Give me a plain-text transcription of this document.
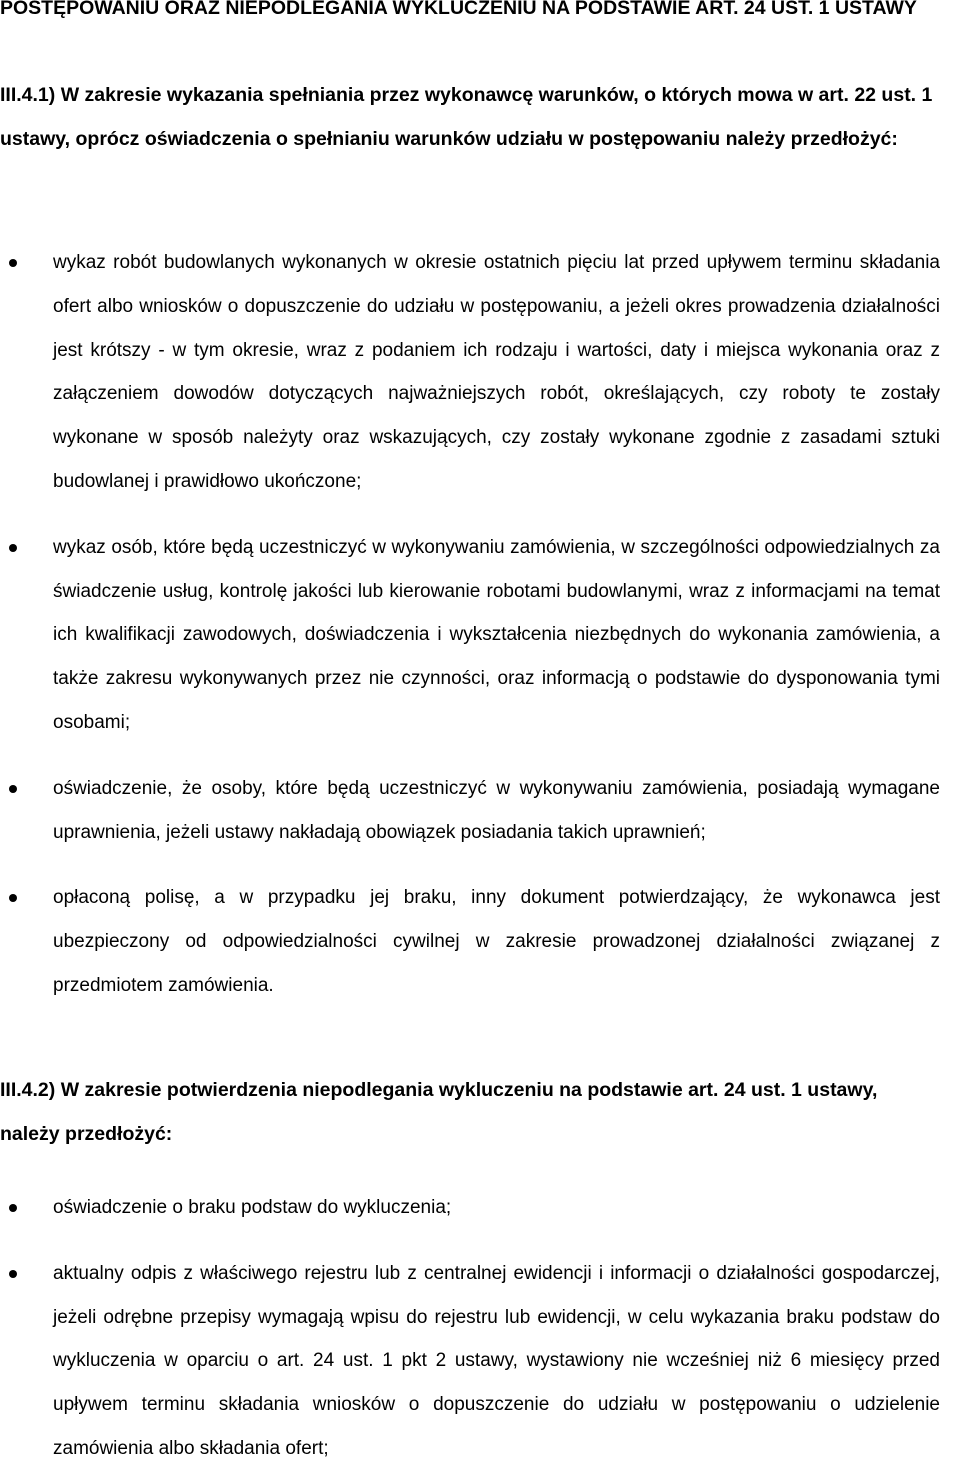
POSTĘPOWANIU ORAZ NIEPODLEGANIA WYKLUCZENIU NA PODSTAWIE ART. 24 UST. 1 USTAWY

III.4.1) W zakresie wykazania spełniania przez wykonawcę warunków, o których mowa w art. 22 ust. 1 ustawy, oprócz oświadczenia o spełnianiu warunków udziału w postępowaniu należy przedłożyć:

wykaz robót budowlanych wykonanych w okresie ostatnich pięciu lat przed upływem terminu składania ofert albo wniosków o dopuszczenie do udziału w postępowaniu, a jeżeli okres prowadzenia działalności jest krótszy - w tym okresie, wraz z podaniem ich rodzaju i wartości, daty i miejsca wykonania oraz z załączeniem dowodów dotyczących najważniejszych robót, określających, czy roboty te zostały wykonane w sposób należyty oraz wskazujących, czy zostały wykonane zgodnie z zasadami sztuki budowlanej i prawidłowo ukończone;
wykaz osób, które będą uczestniczyć w wykonywaniu zamówienia, w szczególności odpowiedzialnych za świadczenie usług, kontrolę jakości lub kierowanie robotami budowlanymi, wraz z informacjami na temat ich kwalifikacji zawodowych, doświadczenia i wykształcenia niezbędnych do wykonania zamówienia, a także zakresu wykonywanych przez nie czynności, oraz informacją o podstawie do dysponowania tymi osobami;
oświadczenie, że osoby, które będą uczestniczyć w wykonywaniu zamówienia, posiadają wymagane uprawnienia, jeżeli ustawy nakładają obowiązek posiadania takich uprawnień;
opłaconą polisę, a w przypadku jej braku, inny dokument potwierdzający, że wykonawca jest ubezpieczony od odpowiedzialności cywilnej w zakresie prowadzonej działalności związanej z przedmiotem zamówienia.

III.4.2) W zakresie potwierdzenia niepodlegania wykluczeniu na podstawie art. 24 ust. 1 ustawy, należy przedłożyć:

oświadczenie o braku podstaw do wykluczenia;
aktualny odpis z właściwego rejestru lub z centralnej ewidencji i informacji o działalności gospodarczej, jeżeli odrębne przepisy wymagają wpisu do rejestru lub ewidencji, w celu wykazania braku podstaw do wykluczenia w oparciu o art. 24 ust. 1 pkt 2 ustawy, wystawiony nie wcześniej niż 6 miesięcy przed upływem terminu składania wniosków o dopuszczenie do udziału w postępowaniu o udzielenie zamówienia albo składania ofert;
